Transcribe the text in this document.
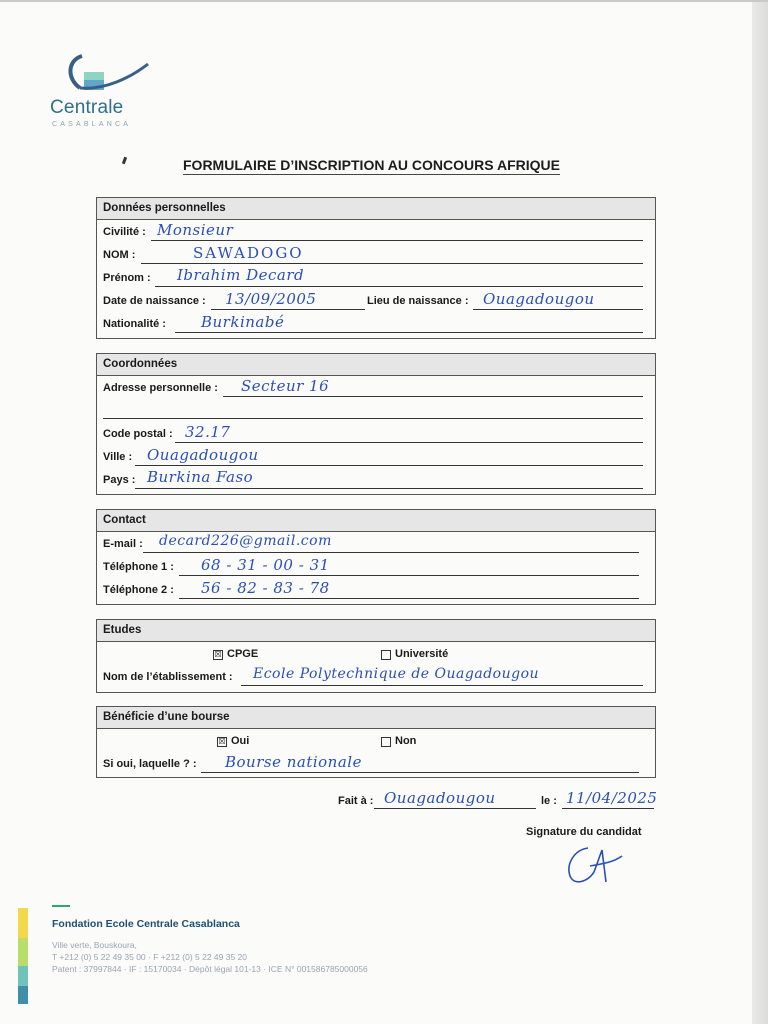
Centrale
CASABLANCA
FORMULAIRE D’INSCRIPTION AU CONCOURS AFRIQUE
Données personnelles
Civilité : Monsieur
NOM :	SAWADOGO
Prénom : Ibrahim Decard
Date de naissance : 13/09/2005	Lieu de naissance : Ouagadougou
Nationalité : Burkinabé
Coordonnées
Adresse personnelle : Secteur 16
Code postal : 32.17
Ville : Ouagadougou
Pays : Burkina Faso
Contact
E-mail : decard226@gmail.com
Téléphone 1 : 68 - 31 - 00 - 31
Téléphone 2 : 56 - 82 - 83 - 78
Etudes
☒ CPGE	Université
Nom de l’établissement : Ecole Polytechnique de Ouagadougou
Bénéficie d’une bourse
☒ Oui	Non
Si oui, laquelle ? : Bourse nationale
Fait à : Ouagadougou	le : 11/04/2025
Signature du candidat
Fondation Ecole Centrale Casablanca
Ville verte, Bouskoura,
T +212 (0) 5 22 49 35 00 · F +212 (0) 5 22 49 35 20
Patent : 37997844 · IF : 15170034 · Dépôt légal 101-13 · ICE N° 001586785000056
